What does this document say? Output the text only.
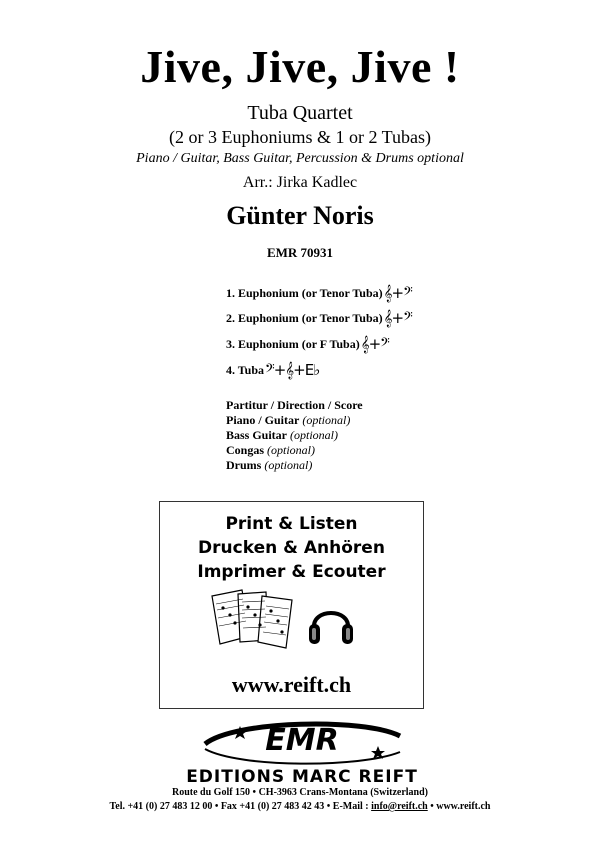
Jive, Jive, Jive !
Tuba Quartet
(2 or 3 Euphoniums & 1 or 2 Tubas)
Piano / Guitar, Bass Guitar, Percussion & Drums optional
Arr.: Jirka Kadlec
Günter Noris
EMR 70931
1. Euphonium (or Tenor Tuba) 𝄞+𝄢
2. Euphonium (or Tenor Tuba) 𝄞+𝄢
3. Euphonium (or F Tuba) 𝄞+𝄢
4. Tuba 𝄢+𝄞+E♭
Partitur / Direction / Score
Piano / Guitar (optional)
Bass Guitar (optional)
Congas (optional)
Drums (optional)
Print & Listen
Drucken & Anhören
Imprimer & Ecouter
www.reift.ch
EMR
EDITIONS MARC REIFT
Route du Golf 150 • CH-3963 Crans-Montana (Switzerland)
Tel. +41 (0) 27 483 12 00 • Fax +41 (0) 27 483 42 43 • E-Mail : info@reift.ch • www.reift.ch
